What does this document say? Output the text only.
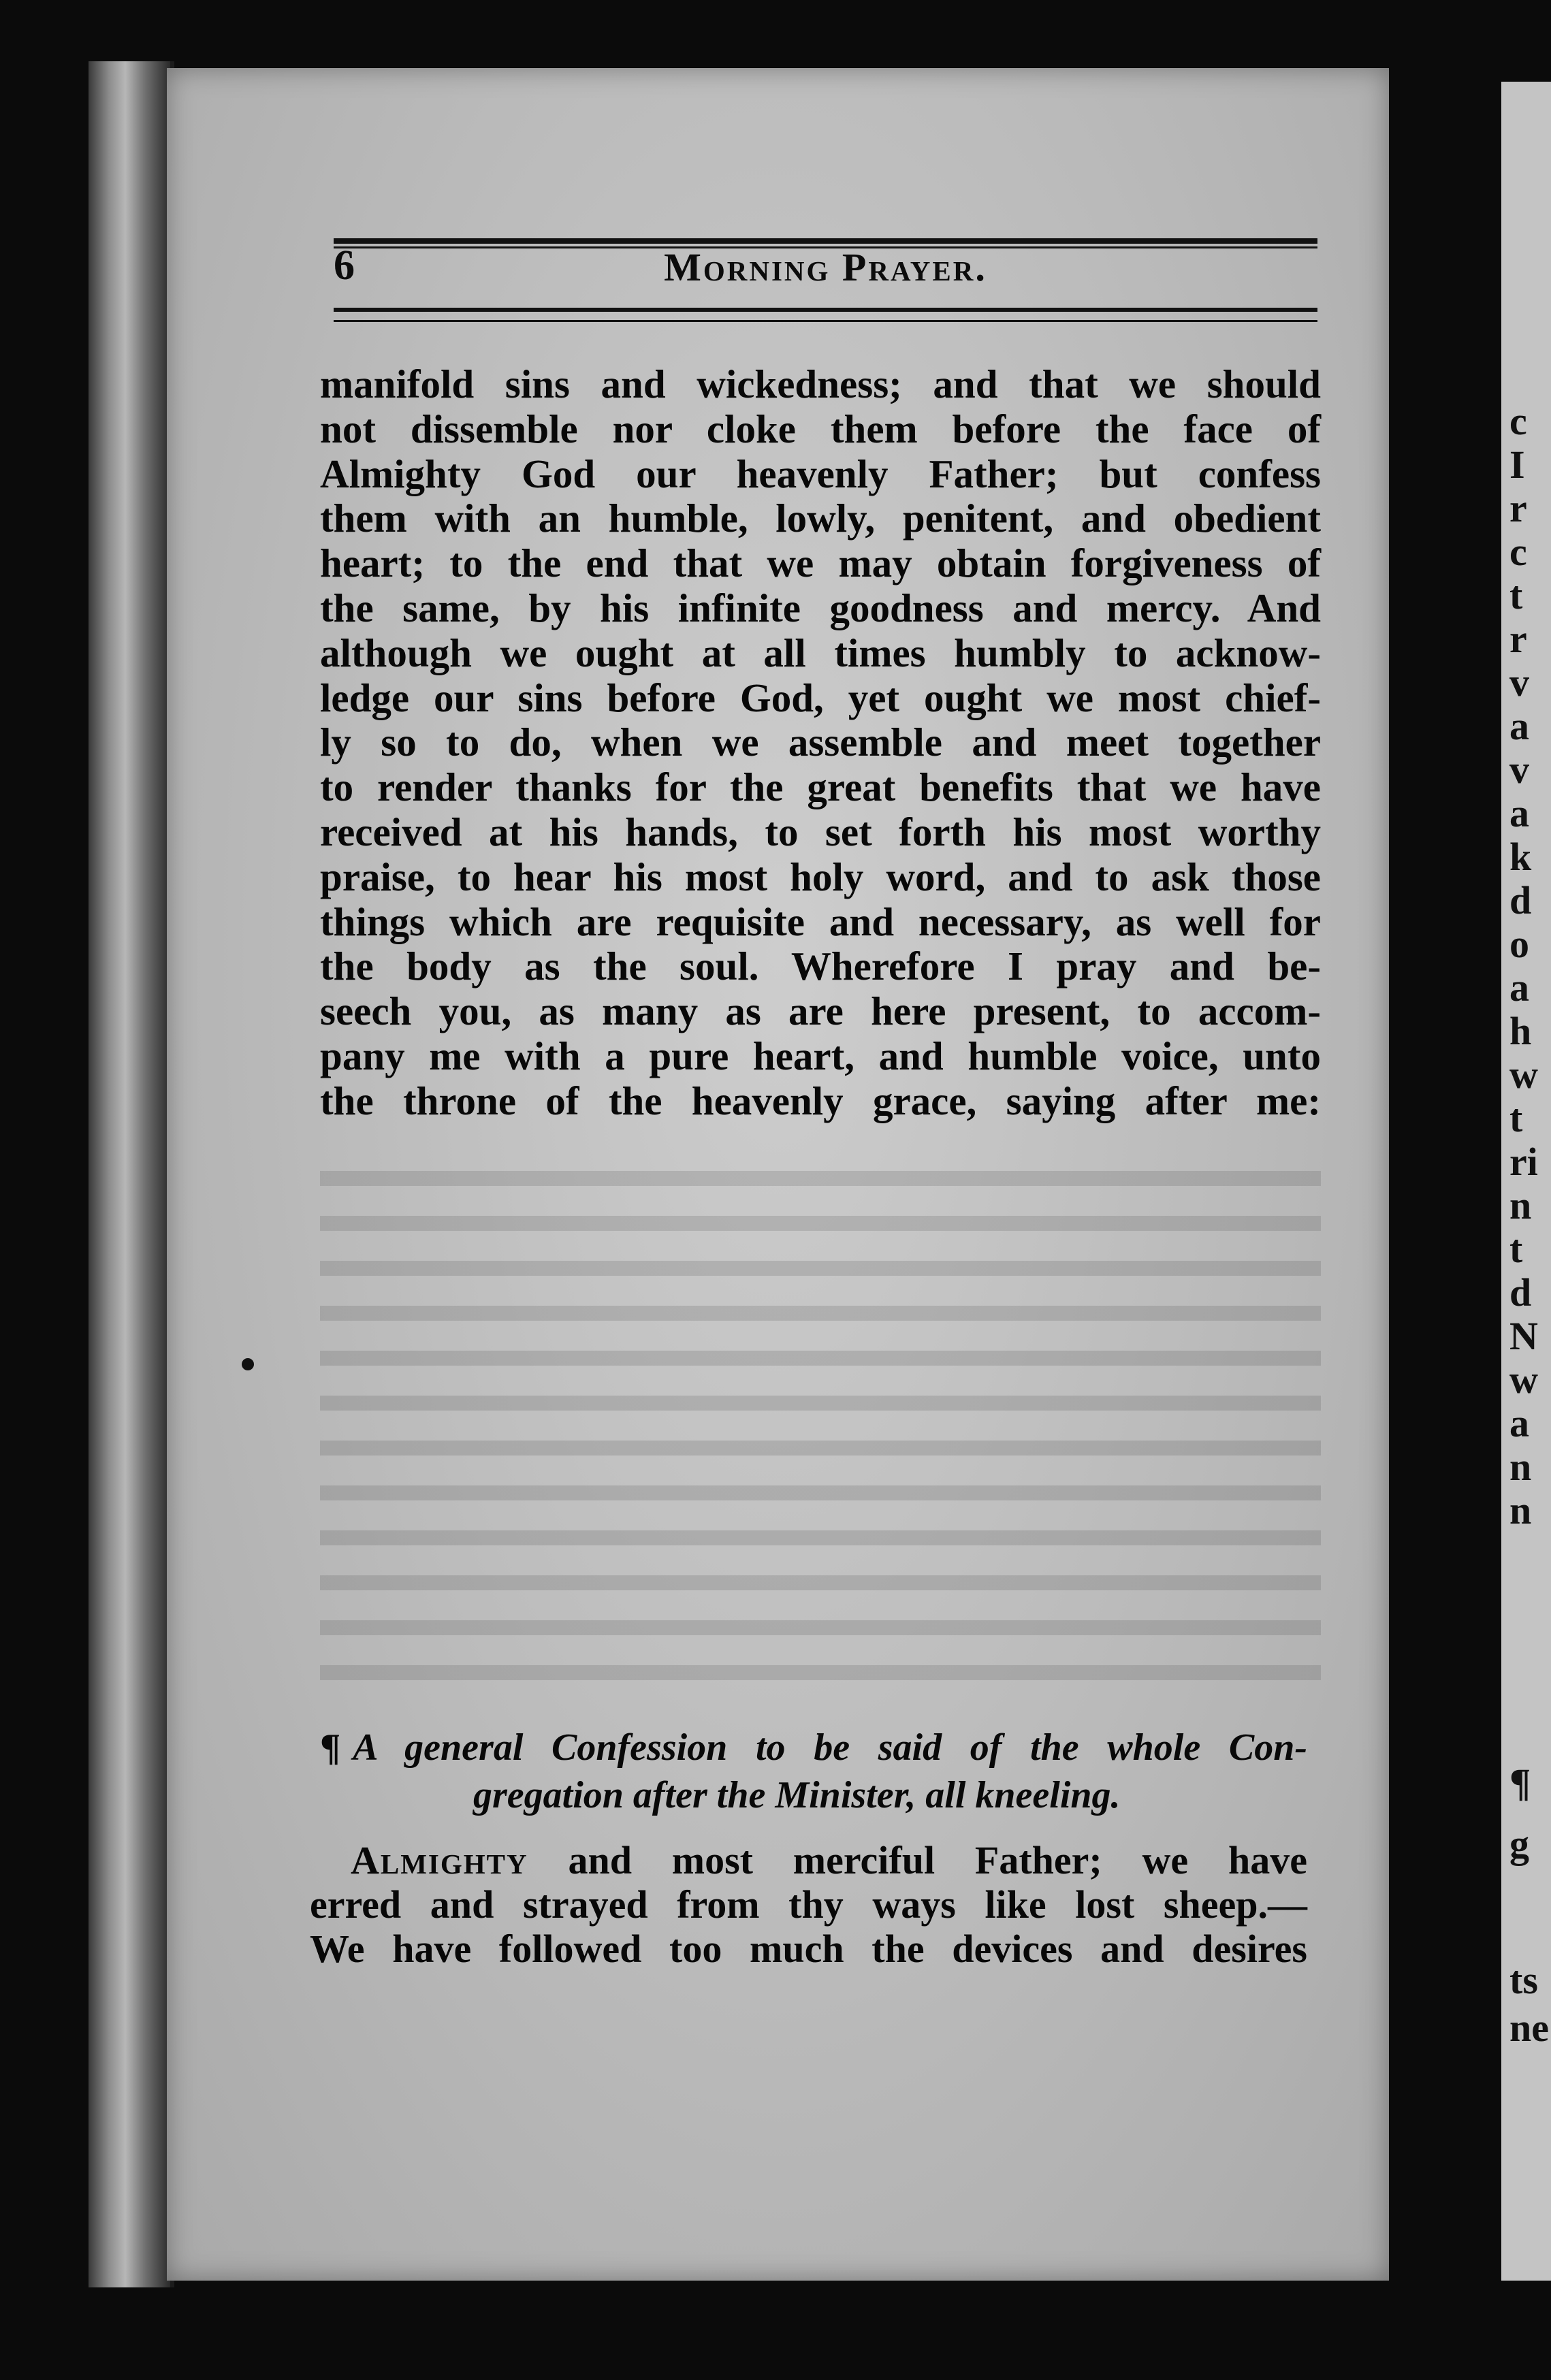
c
I
r
c
t
r
v
a
v
a
k
d
o
a
h
w
t
ri
n
t
d
N
w
a
n
n
¶
g
ts
ne
6	Morning Prayer.

manifold sins and wickedness; and that we should
not dissemble nor cloke them before the face of
Almighty God our heavenly Father; but confess
them with an humble, lowly, penitent, and obedient
heart; to the end that we may obtain forgiveness of
the same, by his infinite goodness and mercy. And
although we ought at all times humbly to acknow-
ledge our sins before God, yet ought we most chief-
ly so to do, when we assemble and meet together
to render thanks for the great benefits that we have
received at his hands, to set forth his most worthy
praise, to hear his most holy word, and to ask those
things which are requisite and necessary, as well for
the body as the soul. Wherefore I pray and be-
seech you, as many as are here present, to accom-
pany me with a pure heart, and humble voice, unto
the throne of the heavenly grace, saying after me:

¶ A general Confession to be said of the whole Con-
gregation after the Minister, all kneeling.

Almighty and most merciful Father; we have
erred and strayed from thy ways like lost sheep.—
We have followed too much the devices and desires
